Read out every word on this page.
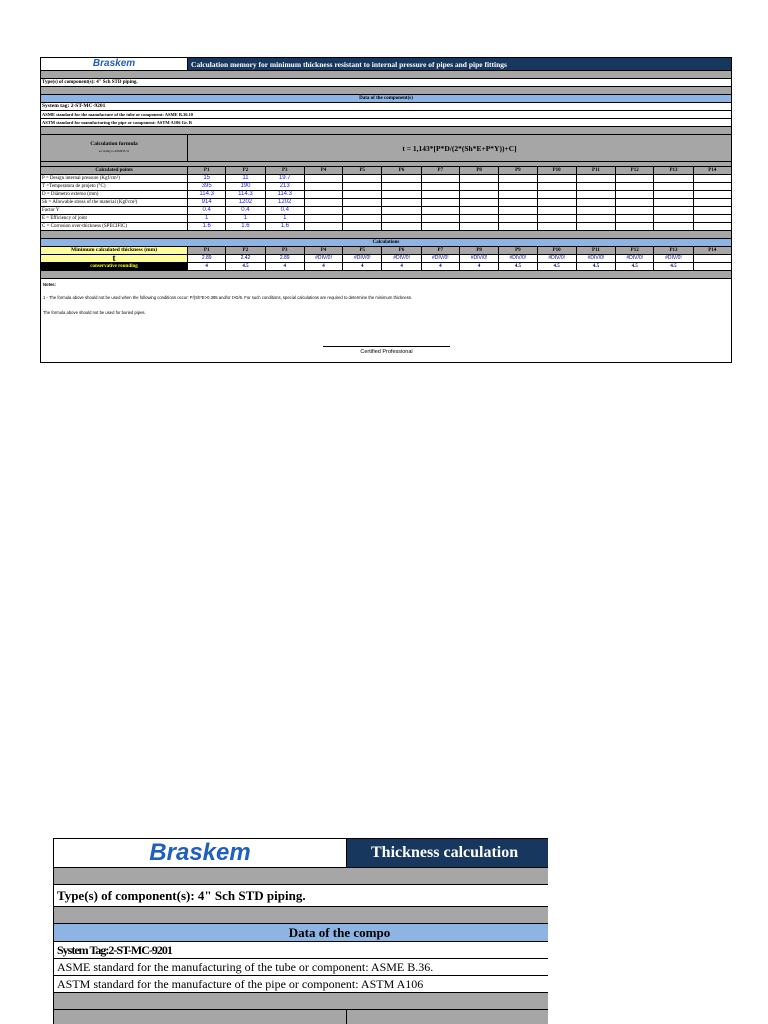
Braskem	Calculation memory for minimum thickness resistant to internal pressure of pipes and pipe fittings													

Type(s) of component(s): 4" Sch STD piping.														

Data of the component(s)														
System tag: 2-ST-MC-9201														
ASME standard for the manufacture of the tube or component: ASME B.36.10														
ASTM standard for manufacturing the pipe or component: ASTM A106 Gr. B														

Calculation formula
according to ASME B.31	t = 1,143*[P*D/(2*(Sh*E+P*Y))+C]													

Calculated points	P1	P2	P3	P4	P5	P6	P7	P8	P9	P10	P11	P12	P13	P14
P = Design internal pressure (Kgf/cm²)	15	11	19.7											
T =Temperatura de projeto (°C)	395	190	213											
D = Diâmetro externo (mm)	114.3	114.3	114.3											
Sh = Allowable stress of the material (Kgf/cm²)	914	1202	1202											
Factor Y	0.4	0.4	0.4											
E = Efficiency of joint	1	1	1											
C = Corrosion over-thickness (SPECIFIC)	1.6	1.6	1.6											

Calculations														
Minimum calculated thickness (mm)	P1	P2	P3	P4	P5	P6	P7	P8	P9	P10	P11	P12	P13	P14
t	2.89	2.42	2.89	#DIV/0!	#DIV/0!	#DIV/0!	#DIV/0!	#DIV/0!	#DIV/0!	#DIV/0!	#DIV/0!	#DIV/0!	#DIV/0!	
conservative rounding	4	4.5	4	4	4	4	4	4	4.5	4.5	4.5	4.5	4.5	

Notes:
1 - The formula above should not be used when the following conditions occur: P/(Sh*E>0.385 and/or t>D/6. For such conditions, special calculations are required to determine the minimum thickness.
The formula above should not be used for buried pipes.
Certified Professional
Braskem	Thickness calculation

Type(s) of component(s): 4" Sch STD piping.	

Data of the compo	
System Tag:2-ST-MC-9201	
ASME standard for the manufacturing of the tube or component: ASME B.36.	
ASTM standard for the manufacture of the pipe or component: ASTM A106	
